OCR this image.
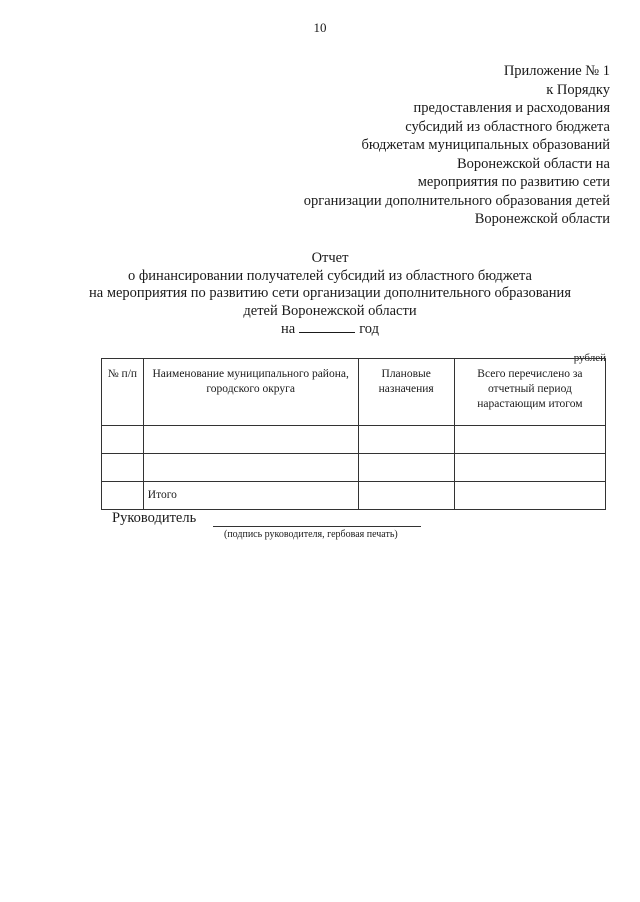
10
Приложение № 1
к Порядку
предоставления и расходования
субсидий из областного бюджета
бюджетам муниципальных образований
Воронежской области на
мероприятия по развитию сети
организации дополнительного образования детей
Воронежской области
Отчет
о финансировании получателей субсидий из областного бюджета
на мероприятия по развитию сети организации дополнительного образования
детей Воронежской области
на	год
рублей
№ п/п	Наименование муниципального района, городского округа	Плановые назначения	Всего перечислено за отчетный период нарастающим итогом

	Итого		
Руководитель
(подпись руководителя, гербовая печать)
